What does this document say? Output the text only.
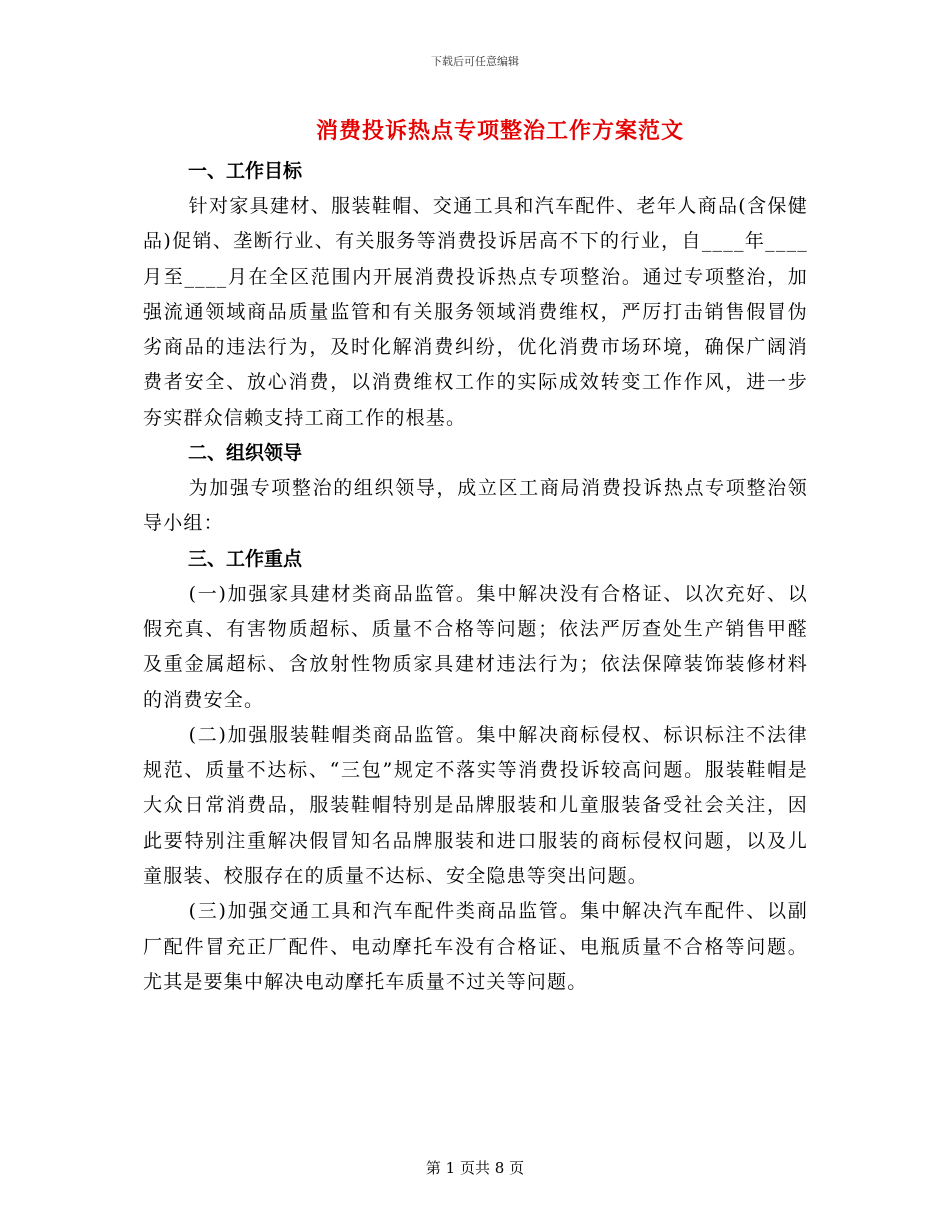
下载后可任意编辑
消费投诉热点专项整治工作方案范文
一、工作目标

针对家具建材、服装鞋帽、交通工具和汽车配件、老年人商品(含保健品)促销、垄断行业、有关服务等消费投诉居高不下的行业，自____年____月至____月在全区范围内开展消费投诉热点专项整治。通过专项整治，加强流通领域商品质量监管和有关服务领域消费维权，严厉打击销售假冒伪劣商品的违法行为，及时化解消费纠纷，优化消费市场环境，确保广阔消费者安全、放心消费，以消费维权工作的实际成效转变工作作风，进一步夯实群众信赖支持工商工作的根基。

二、组织领导

为加强专项整治的组织领导，成立区工商局消费投诉热点专项整治领导小组：

三、工作重点

(一)加强家具建材类商品监管。集中解决没有合格证、以次充好、以假充真、有害物质超标、质量不合格等问题；依法严厉查处生产销售甲醛及重金属超标、含放射性物质家具建材违法行为；依法保障装饰装修材料的消费安全。

(二)加强服装鞋帽类商品监管。集中解决商标侵权、标识标注不法律规范、质量不达标、“三包”规定不落实等消费投诉较高问题。服装鞋帽是大众日常消费品，服装鞋帽特别是品牌服装和儿童服装备受社会关注，因此要特别注重解决假冒知名品牌服装和进口服装的商标侵权问题，以及儿童服装、校服存在的质量不达标、安全隐患等突出问题。

(三)加强交通工具和汽车配件类商品监管。集中解决汽车配件、以副厂配件冒充正厂配件、电动摩托车没有合格证、电瓶质量不合格等问题。尤其是要集中解决电动摩托车质量不过关等问题。

第 1 页共 8 页
